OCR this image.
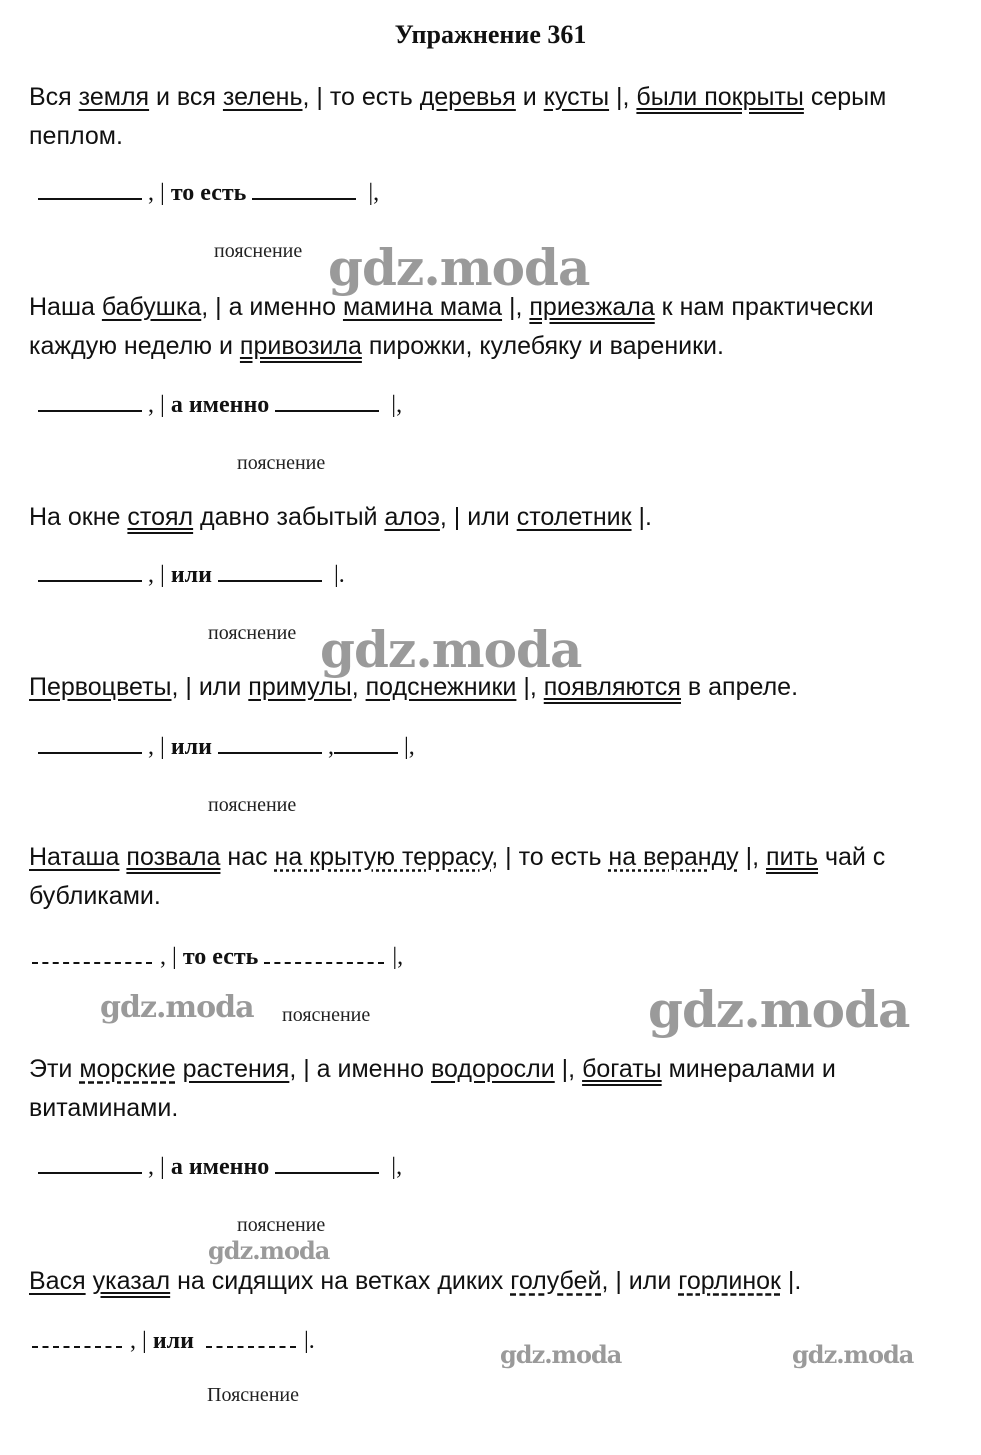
Упражнение 361
Вся земля и вся зелень, | то есть деревья и кусты |, были покрыты серым пеплом.
, |
то есть

	|,
пояснение
Наша бабушка, | а именно мамина мама |, приезжала к нам практически каждую неделю и привозила пирожки, кулебяку и вареники.
, |
а именно

	|,
пояснение
На окне стоял давно забытый алоэ, | или столетник |.
, |
или

	|.
пояснение
Первоцветы, | или примулы, подснежники |, появляются в апреле.
, |
или
	,	|,
пояснение
Наташа позвала нас на крытую террасу, | то есть на веранду |, пить чай с бубликами.
, |
то есть
	|,
пояснение
Эти морские растения, | а именно водоросли |, богаты минералами и витаминами.
, |
а именно

	|,
пояснение
Вася указал на сидящих на ветках диких голубей, | или горлинок |.
, |
или
	|.
Пояснение
gdz.moda
gdz.moda
gdz.moda	gdz.moda
gdz.moda
gdz.moda	gdz.moda
